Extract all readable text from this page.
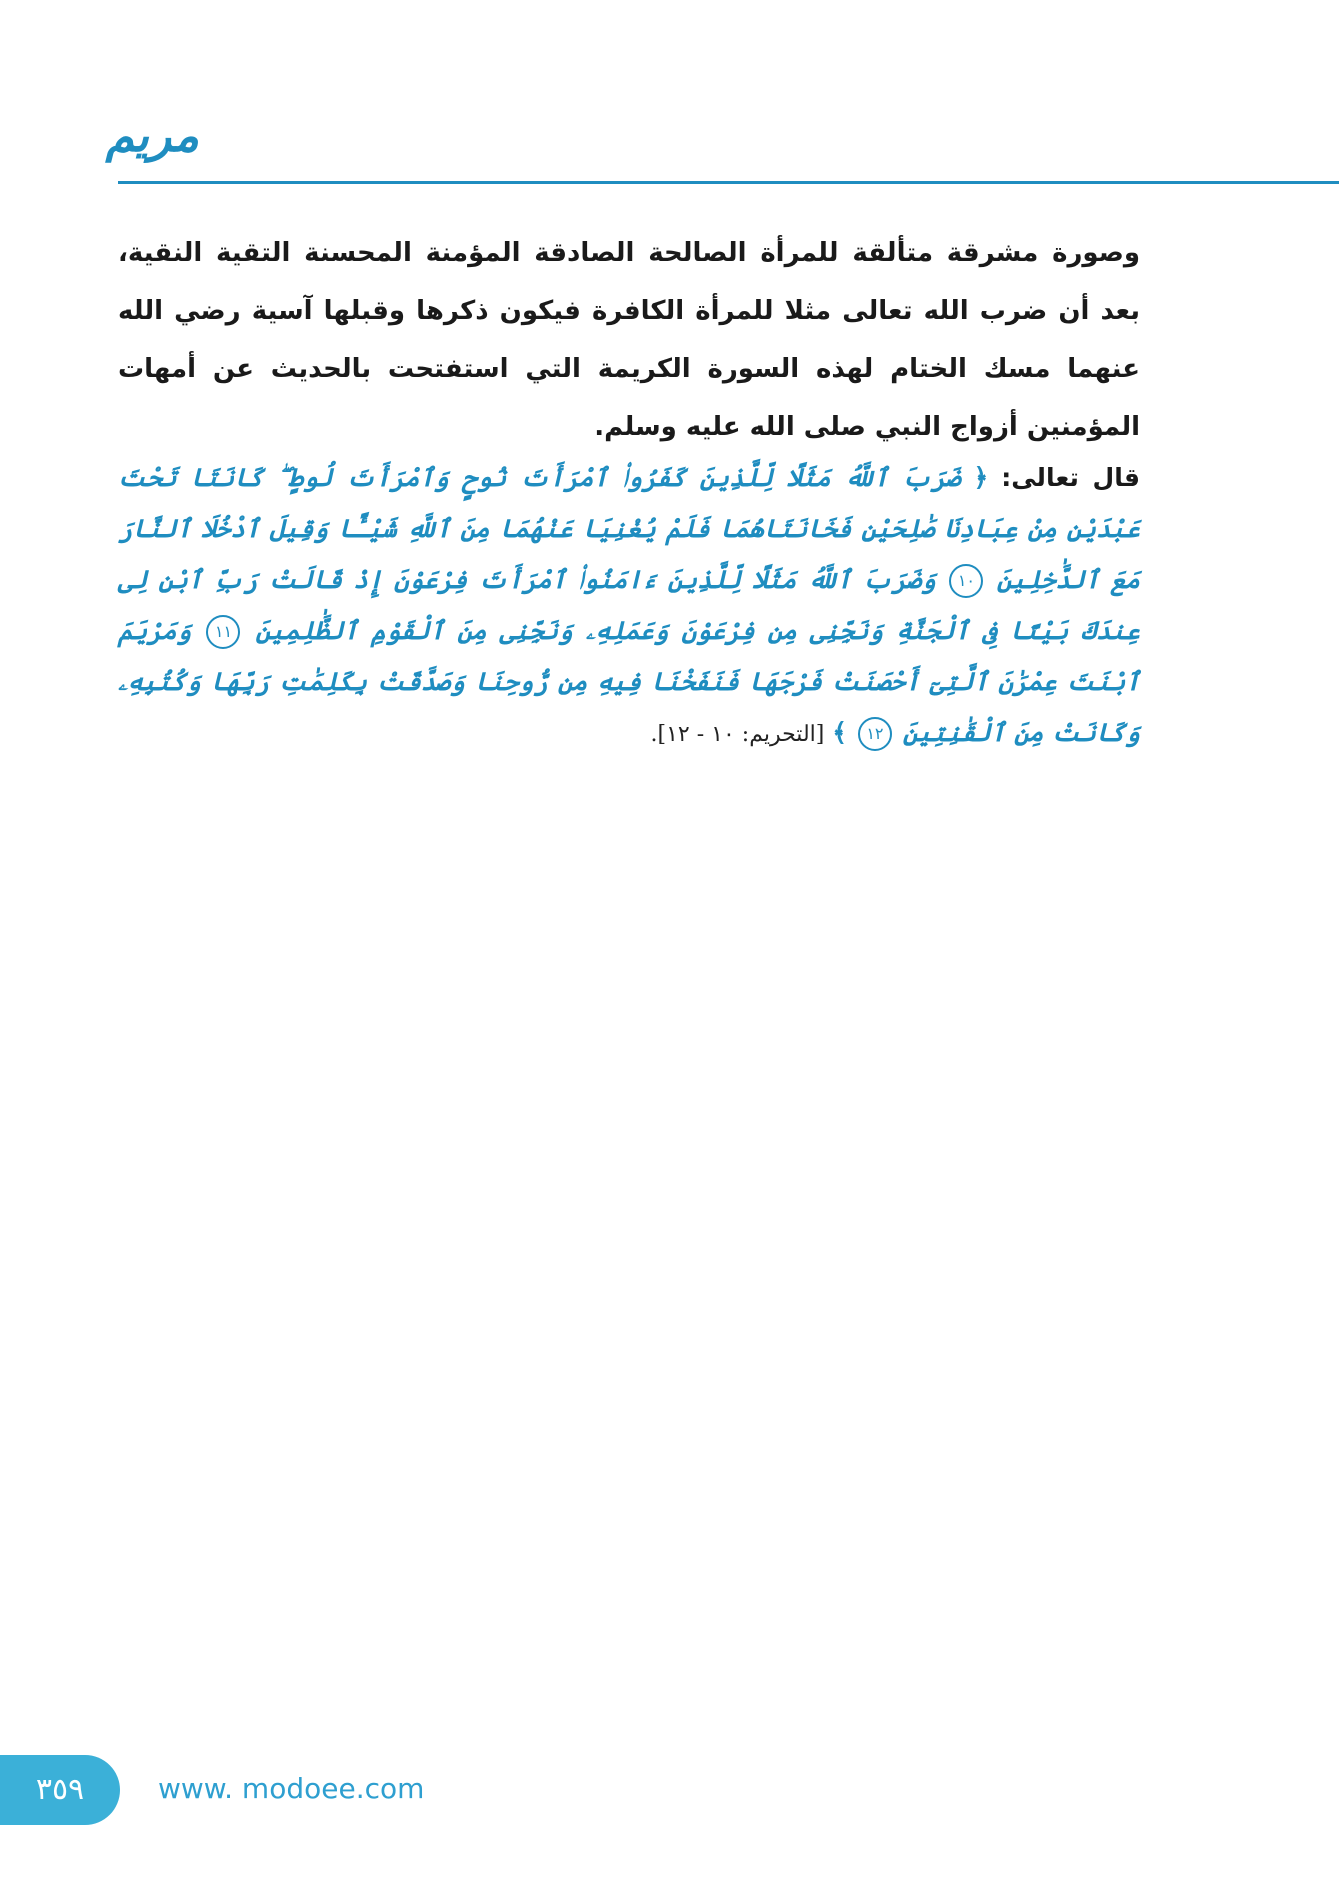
مريم

وصورة مشرقة متألقة للمرأة الصالحة الصادقة المؤمنة المحسنة التقية النقية، بعد أن ضرب الله تعالى مثلا للمرأة الكافرة فيكون ذكرها وقبلها آسية رضي الله عنهما مسك الختام لهذه السورة الكريمة التي استفتحت بالحديث عن أمهات المؤمنين أزواج النبي صلى الله عليه وسلم.

قال تعالى: ﴿ ضَرَبَ ٱللَّهُ مَثَلًا لِّلَّذِينَ كَفَرُوا۟ ٱمْرَأَتَ نُوحٍ وَٱمْرَأَتَ لُوطٍ ۖ كَانَتَا تَحْتَ عَبْدَيْنِ مِنْ عِبَادِنَا صَٰلِحَيْنِ فَخَانَتَاهُمَا فَلَمْ يُغْنِيَا عَنْهُمَا مِنَ ٱللَّهِ شَيْـًٔا وَقِيلَ ٱدْخُلَا ٱلنَّارَ مَعَ ٱلدَّٰخِلِينَ ١٠ وَضَرَبَ ٱللَّهُ مَثَلًا لِّلَّذِينَ ءَامَنُوا۟ ٱمْرَأَتَ فِرْعَوْنَ إِذْ قَالَتْ رَبِّ ٱبْنِ لِى عِندَكَ بَيْتًا فِى ٱلْجَنَّةِ وَنَجِّنِى مِن فِرْعَوْنَ وَعَمَلِهِۦ وَنَجِّنِى مِنَ ٱلْقَوْمِ ٱلظَّٰلِمِينَ ١١ وَمَرْيَمَ ٱبْنَتَ عِمْرَٰنَ ٱلَّتِىٓ أَحْصَنَتْ فَرْجَهَا فَنَفَخْنَا فِيهِ مِن رُّوحِنَا وَصَدَّقَتْ بِكَلِمَٰتِ رَبِّهَا وَكُتُبِهِۦ وَكَانَتْ مِنَ ٱلْقَٰنِتِينَ ١٢ ﴾ [التحريم: ١٠ - ١٢].

٣٥٩	www. modoee.com
